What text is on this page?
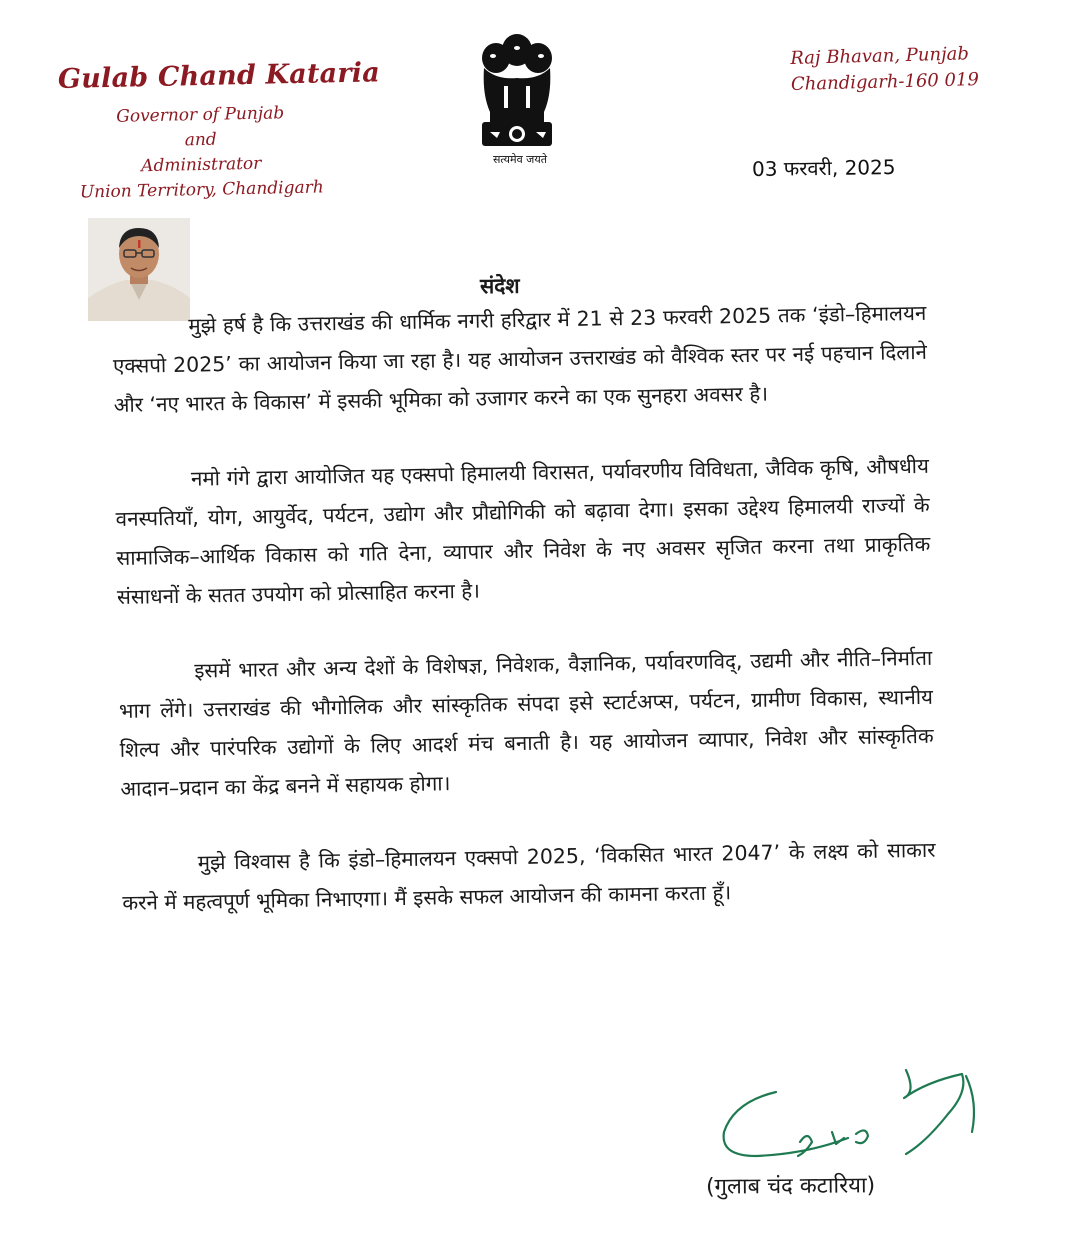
Gulab Chand Kataria
Governor of Punjab
and
Administrator
Union Territory, Chandigarh
सत्यमेव जयते
Raj Bhavan, Punjab
Chandigarh-160 019
03 फरवरी, 2025
संदेश

मुझे हर्ष है कि उत्तराखंड की धार्मिक नगरी हरिद्वार में 21 से 23 फरवरी 2025 तक ‘इंडो–हिमालयन एक्सपो 2025’ का आयोजन किया जा रहा है। यह आयोजन उत्तराखंड को वैश्विक स्तर पर नई पहचान दिलाने और ‘नए भारत के विकास’ में इसकी भूमिका को उजागर करने का एक सुनहरा अवसर है।

नमो गंगे द्वारा आयोजित यह एक्सपो हिमालयी विरासत, पर्यावरणीय विविधता, जैविक कृषि, औषधीय वनस्पतियाँ, योग, आयुर्वेद, पर्यटन, उद्योग और प्रौद्योगिकी को बढ़ावा देगा। इसका उद्देश्य हिमालयी राज्यों के सामाजिक–आर्थिक विकास को गति देना, व्यापार और निवेश के नए अवसर सृजित करना तथा प्राकृतिक संसाधनों के सतत उपयोग को प्रोत्साहित करना है।

इसमें भारत और अन्य देशों के विशेषज्ञ, निवेशक, वैज्ञानिक, पर्यावरणविद्, उद्यमी और नीति–निर्माता भाग लेंगे। उत्तराखंड की भौगोलिक और सांस्कृतिक संपदा इसे स्टार्टअप्स, पर्यटन, ग्रामीण विकास, स्थानीय शिल्प और पारंपरिक उद्योगों के लिए आदर्श मंच बनाती है। यह आयोजन व्यापार, निवेश और सांस्कृतिक आदान–प्रदान का केंद्र बनने में सहायक होगा।

मुझे विश्वास है कि इंडो–हिमालयन एक्सपो 2025, ‘विकसित भारत 2047’ के लक्ष्य को साकार करने में महत्वपूर्ण भूमिका निभाएगा। मैं इसके सफल आयोजन की कामना करता हूँ।

(गुलाब चंद कटारिया)
